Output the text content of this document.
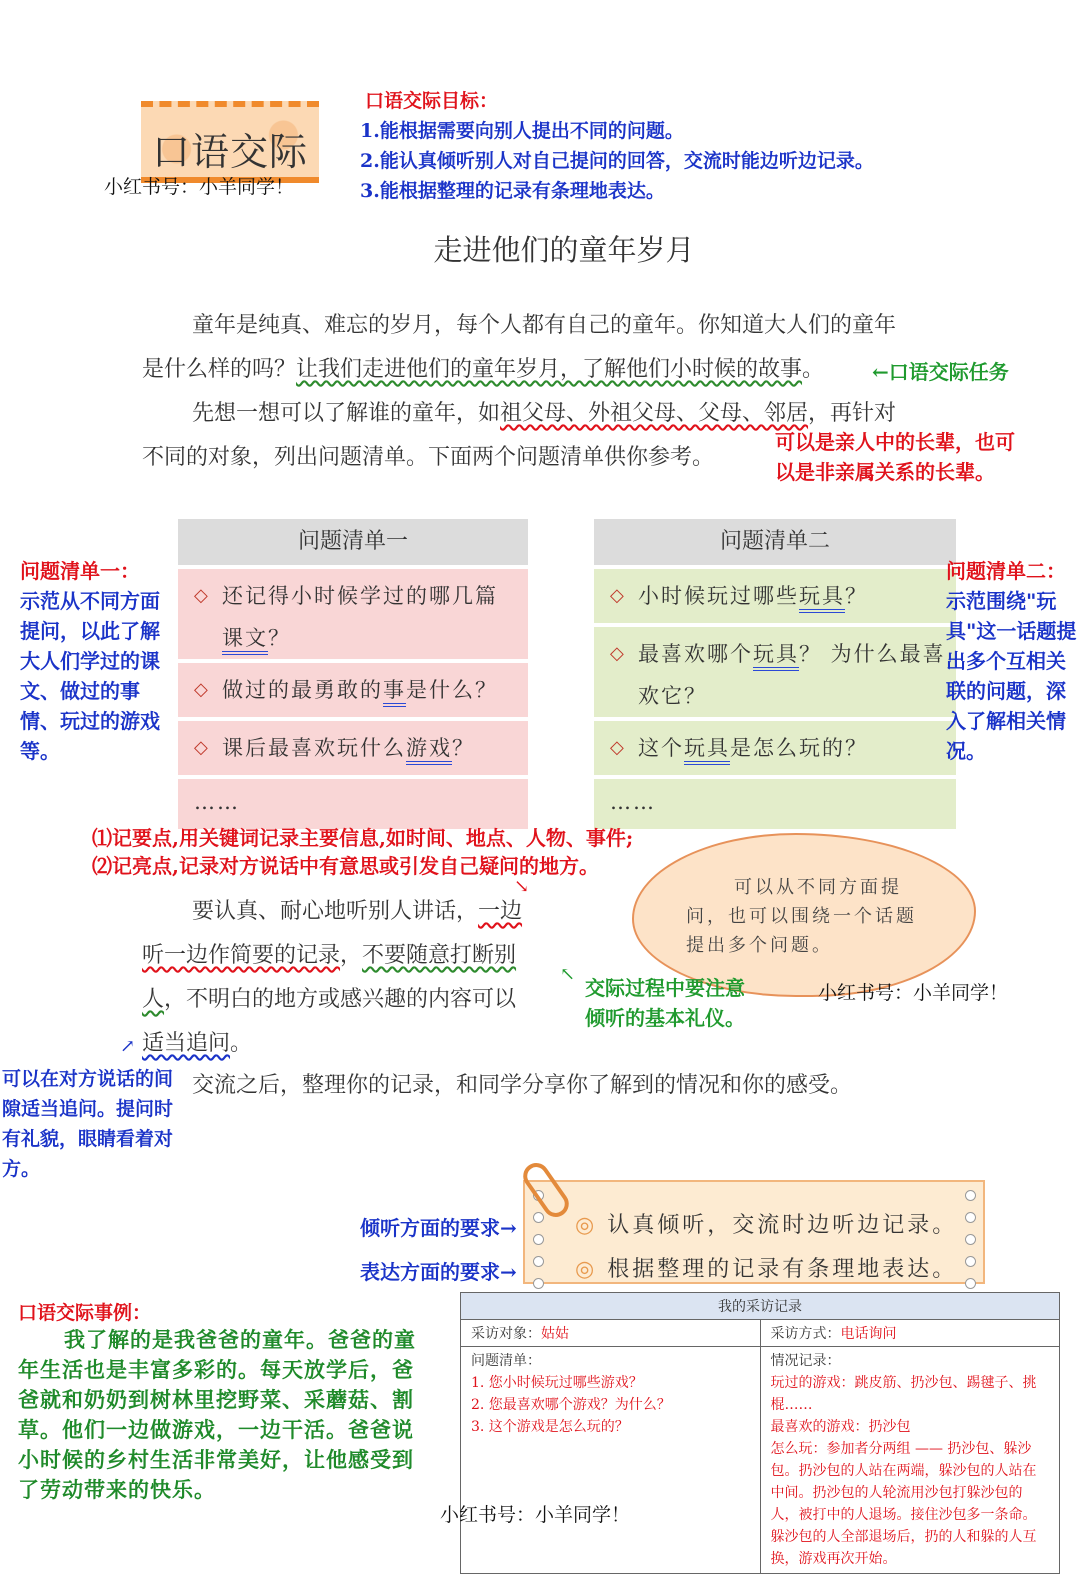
口语交际
小红书号：小羊同学！
口语交际目标：
1.能根据需要向别人提出不同的问题。
2.能认真倾听别人对自己提问的回答，交流时能边听边记录。
3.能根据整理的记录有条理地表达。
走进他们的童年岁月
童年是纯真、难忘的岁月，每个人都有自己的童年。你知道大人们的童年
是什么样的吗？让我们走进他们的童年岁月，了解他们小时候的故事。 ←口语交际任务
先想一想可以了解谁的童年，如祖父母、外祖父母、父母、邻居，再针对
不同的对象，列出问题清单。下面两个问题清单供你参考。
可以是亲人中的长辈，也可
以是非亲属关系的长辈。
问题清单一：
示范从不同方面提问，以此了解大人们学过的课文、做过的事情、玩过的游戏等。
问题清单一
◇ 还记得小时候学过的哪几篇课文？
◇ 做过的最勇敢的事是什么？
◇ 课后最喜欢玩什么游戏？
……
问题清单二
◇ 小时候玩过哪些玩具？
◇ 最喜欢哪个玩具？ 为什么最喜欢它？
◇ 这个玩具是怎么玩的？
……
问题清单二：
示范围绕"玩具"这一话题提出多个互相关联的问题，深入了解相关情况。
⑴记要点,用关键词记录主要信息,如时间、地点、人物、事件;
⑵记亮点,记录对方说话中有意思或引发自己疑问的地方。
↘	可以从不同方面提问，也可以围绕一个话题提出多个问题。
小红书号：小羊同学！
要认真、耐心地听别人讲话，一边
听一边作简要的记录，不要随意打断别
人，不明白的地方或感兴趣的内容可以
适当追问。
↖
交际过程中要注意
倾听的基本礼仪。
↗
可以在对方说话的间隙适当追问。提问时有礼貌，眼睛看着对方。
交流之后，整理你的记录，和同学分享你了解到的情况和你的感受。
◎ 认真倾听，交流时边听边记录。
◎ 根据整理的记录有条理地表达。
倾听方面的要求→
表达方面的要求→
口语交际事例：
我了解的是我爸爸的童年。爸爸的童年生活也是丰富多彩的。每天放学后，爸爸就和奶奶到树林里挖野菜、采蘑菇、割草。他们一边做游戏，一边干活。爸爸说小时候的乡村生活非常美好，让他感受到了劳动带来的快乐。
我的采访记录	
采访对象：姑姑	采访方式：电话询问

问题清单：
1. 您小时候玩过哪些游戏？
2. 您最喜欢哪个游戏？为什么？
3. 这个游戏是怎么玩的？

情况记录：
玩过的游戏：跳皮筋、扔沙包、踢毽子、挑棍……
最喜欢的游戏：扔沙包
怎么玩：参加者分两组 —— 扔沙包、躲沙包。扔沙包的人站在两端，躲沙包的人站在中间。扔沙包的人轮流用沙包打躲沙包的人，被打中的人退场。接住沙包多一条命。躲沙包的人全部退场后，扔的人和躲的人互换，游戏再次开始。
小红书号：小羊同学！
